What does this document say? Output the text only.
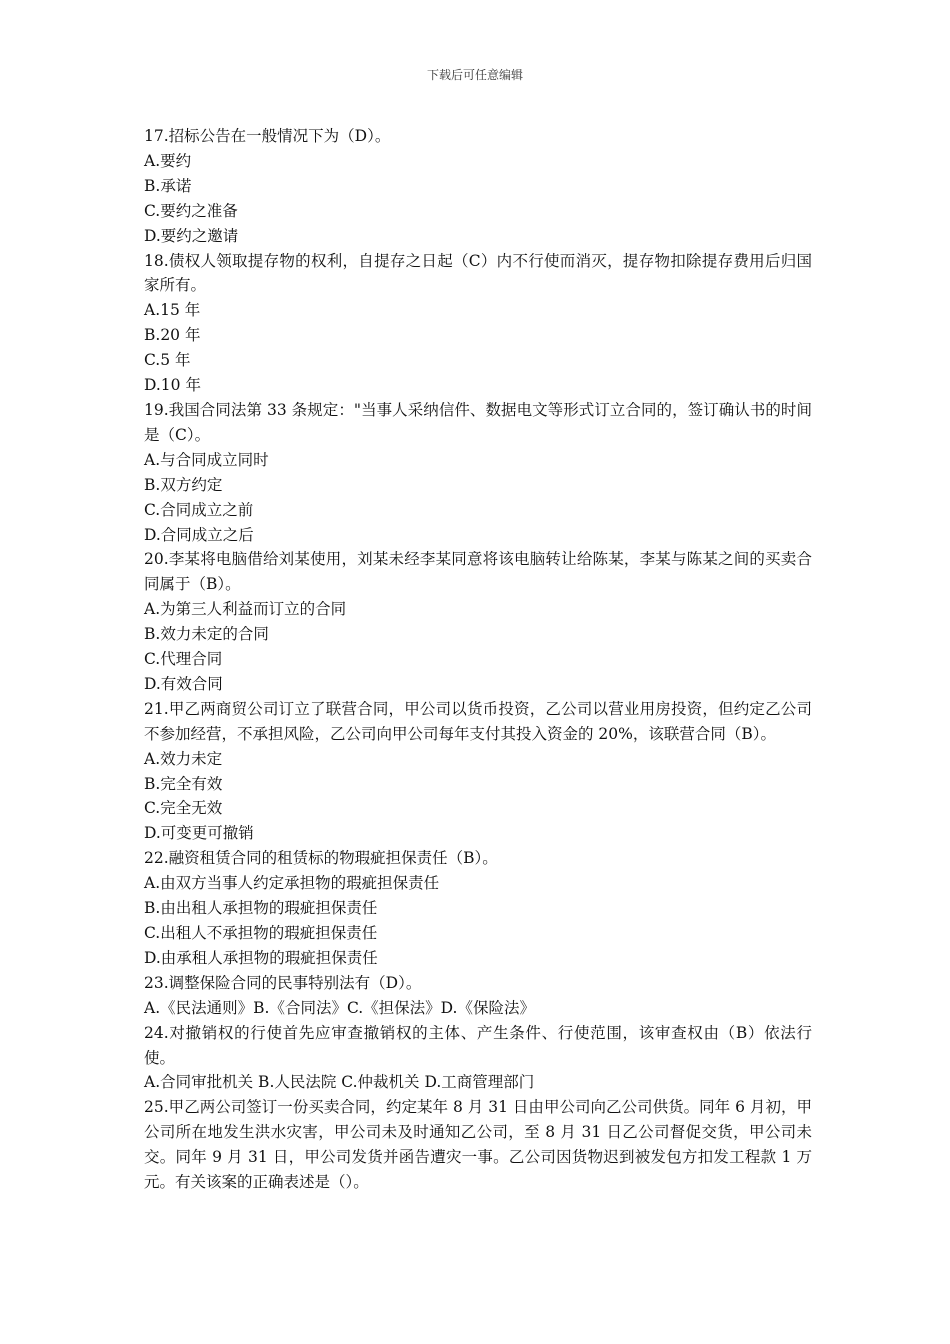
下载后可任意编辑
17.招标公告在一般情况下为（D）。
A.要约
B.承诺
C.要约之准备
D.要约之邀请
18.债权人领取提存物的权利，自提存之日起（C）内不行使而消灭，提存物扣除提存费用后归国家所有。
A.15 年
B.20 年
C.5 年
D.10 年
19.我国合同法第 33 条规定："当事人采纳信件、数据电文等形式订立合同的，签订确认书的时间是（C）。
A.与合同成立同时
B.双方约定
C.合同成立之前
D.合同成立之后
20.李某将电脑借给刘某使用，刘某未经李某同意将该电脑转让给陈某，李某与陈某之间的买卖合同属于（B）。
A.为第三人利益而订立的合同
B.效力未定的合同
C.代理合同
D.有效合同
21.甲乙两商贸公司订立了联营合同，甲公司以货币投资，乙公司以营业用房投资，但约定乙公司不参加经营，不承担风险，乙公司向甲公司每年支付其投入资金的 20%，该联营合同（B）。
A.效力未定
B.完全有效
C.完全无效
D.可变更可撤销
22.融资租赁合同的租赁标的物瑕疵担保责任（B）。
A.由双方当事人约定承担物的瑕疵担保责任
B.由出租人承担物的瑕疵担保责任
C.出租人不承担物的瑕疵担保责任
D.由承租人承担物的瑕疵担保责任
23.调整保险合同的民事特别法有（D）。
A.《民法通则》B.《合同法》C.《担保法》D.《保险法》
24.对撤销权的行使首先应审查撤销权的主体、产生条件、行使范围，该审查权由（B）依法行使。
A.合同审批机关 B.人民法院 C.仲裁机关 D.工商管理部门
25.甲乙两公司签订一份买卖合同，约定某年 8 月 31 日由甲公司向乙公司供货。同年 6 月初，甲公司所在地发生洪水灾害，甲公司未及时通知乙公司，至 8 月 31 日乙公司督促交货，甲公司未交。同年 9 月 31 日，甲公司发货并函告遭灾一事。乙公司因货物迟到被发包方扣发工程款 1 万元。有关该案的正确表述是（）。
